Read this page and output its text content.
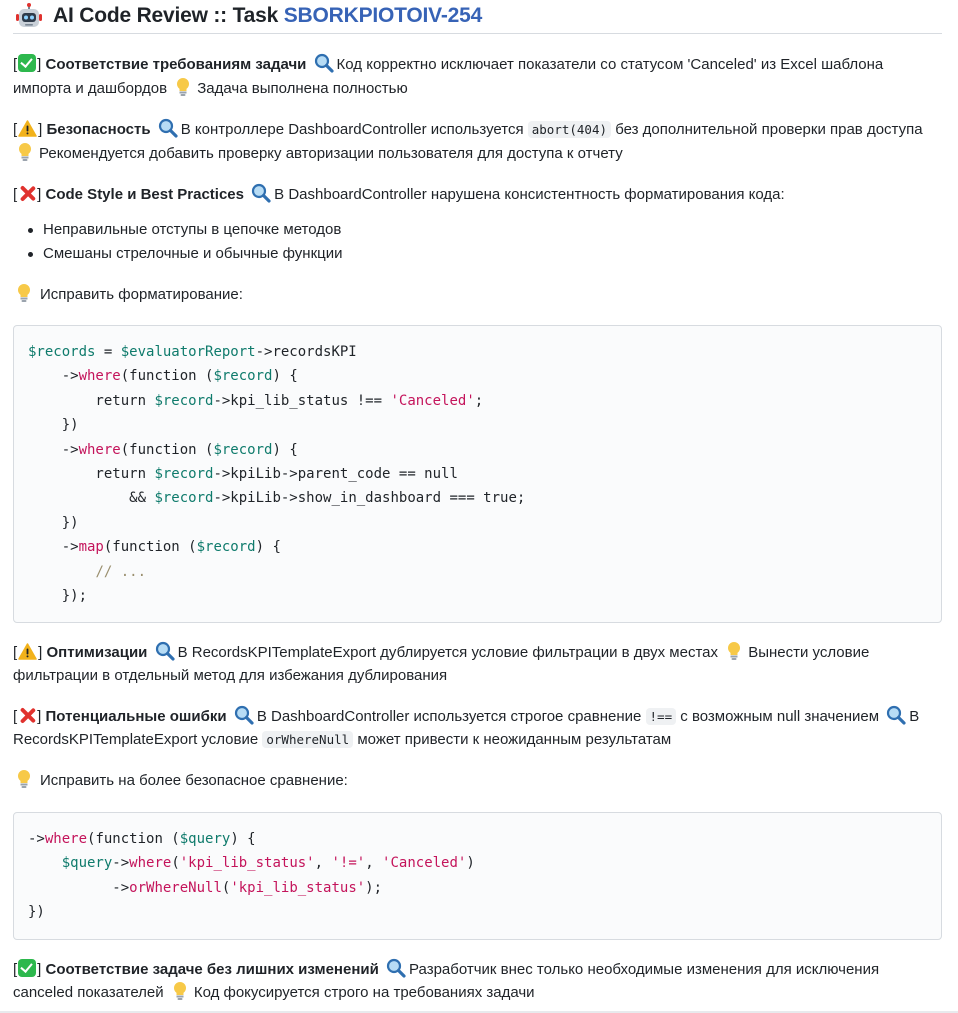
AI Code Review :: Task SBORKPIOTOIV-254
[ ] Соответствие требованиям задачи Код корректно исключает показатели со статусом 'Canceled' из Excel шаблона импорта и дашбордов Задача выполнена полностью
[ ] Безопасность В контроллере DashboardController используется abort(404) без дополнительной проверки прав доступа Рекомендуется добавить проверку авторизации пользователя для доступа к отчету
[ ] Code Style и Best Practices В DashboardController нарушена консистентность форматирования кода:
Неправильные отступы в цепочке методов
Смешаны стрелочные и обычные функции
Исправить форматирование:
$records = $evaluatorReport->recordsKPI
->where(function ($record) {
return $record->kpi_lib_status !== 'Canceled';
})
->where(function ($record) {
return $record->kpiLib->parent_code == null
&& $record->kpiLib->show_in_dashboard === true;
})
->map(function ($record) {
// ...
});
[ ] Оптимизации В RecordsKPITemplateExport дублируется условие фильтрации в двух местах Вынести условие фильтрации в отдельный метод для избежания дублирования
[ ] Потенциальные ошибки В DashboardController используется строгое сравнение !== с возможным null значением В RecordsKPITemplateExport условие orWhereNull может привести к неожиданным результатам
Исправить на более безопасное сравнение:
->where(function ($query) {
$query->where('kpi_lib_status', '!=', 'Canceled')
->orWhereNull('kpi_lib_status');
})
[ ] Соответствие задаче без лишних изменений Разработчик внес только необходимые изменения для исключения canceled показателей Код фокусируется строго на требованиях задачи
